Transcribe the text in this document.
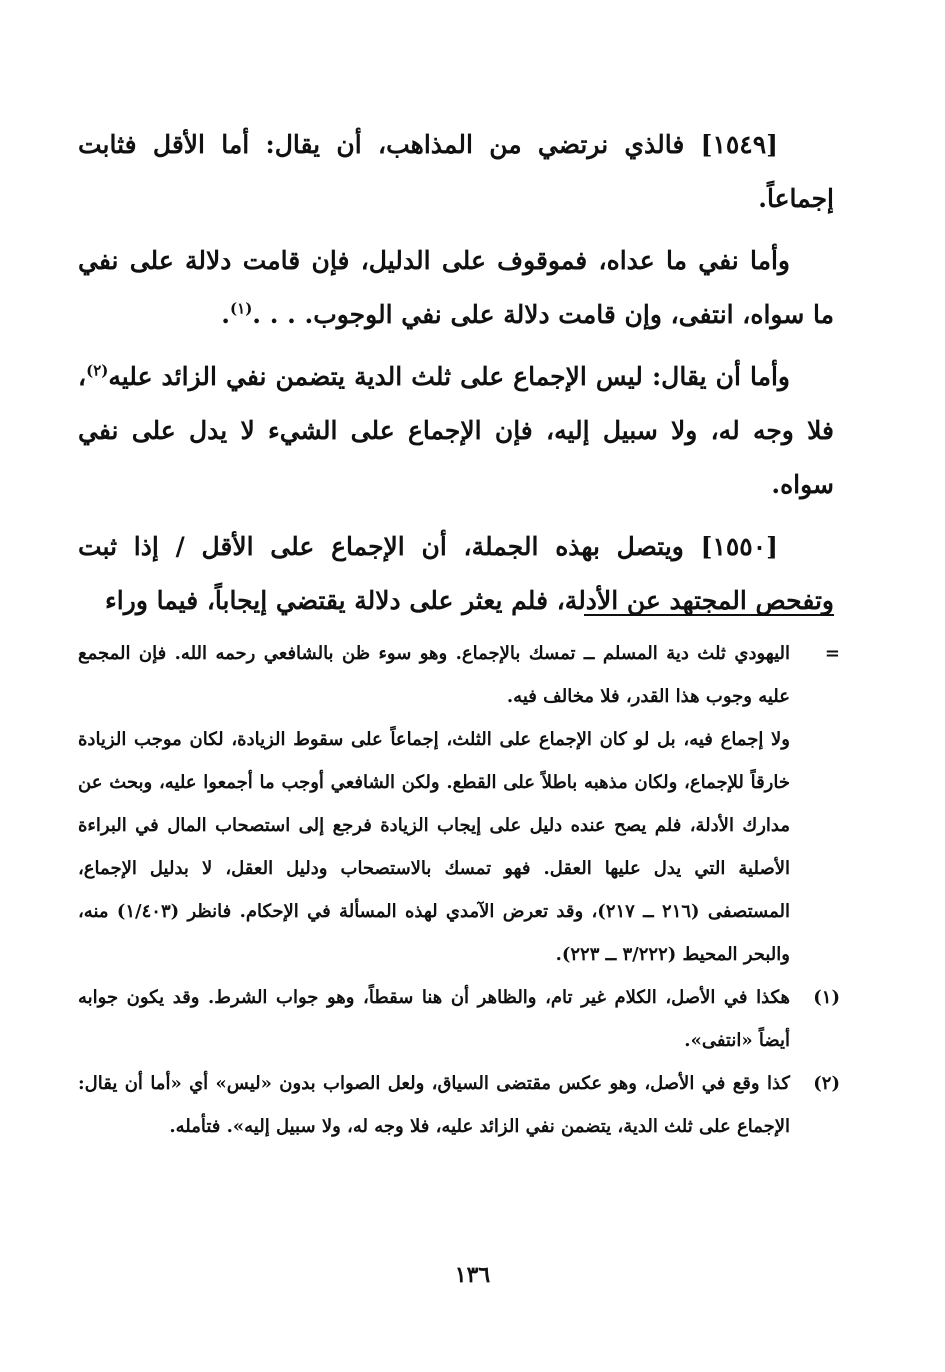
[١٥٤٩] فالذي نرتضي من المذاهب، أن يقال: أما الأقل فثابت إجماعاً.

وأما نفي ما عداه، فموقوف على الدليل، فإن قامت دلالة على نفي ما سواه، انتفى، وإن قامت دلالة على نفي الوجوب. . . .$^{(١)}$.

وأما أن يقال: ليس الإجماع على ثلث الدية يتضمن نفي الزائد عليه$^{(٢)}$، فلا وجه له، ولا سبيل إليه، فإن الإجماع على الشيء لا يدل على نفي سواه.

[١٥٥٠] ويتصل بهذه الجملة، أن الإجماع على الأقل / إذا ثبت وتفحص المجتهد عن الأدلة، فلم يعثر على دلالة يقتضي إيجاباً، فيما وراء

=
اليهودي ثلث دية المسلم ــ تمسك بالإجماع. وهو سوء ظن بالشافعي رحمه الله. فإن المجمع عليه وجوب هذا القدر، فلا مخالف فيه.
ولا إجماع فيه، بل لو كان الإجماع على الثلث، إجماعاً على سقوط الزيادة، لكان موجب الزيادة خارقاً للإجماع، ولكان مذهبه باطلاً على القطع. ولكن الشافعي أوجب ما أجمعوا عليه، وبحث عن مدارك الأدلة، فلم يصح عنده دليل على إيجاب الزيادة فرجع إلى استصحاب المال في البراءة الأصلية التي يدل عليها العقل. فهو تمسك بالاستصحاب ودليل العقل، لا بدليل الإجماع، المستصفى (٢١٦ ــ ٢١٧)، وقد تعرض الآمدي لهذه المسألة في الإحكام. فانظر (١/٤٠٣) منه، والبحر المحيط (٣/٢٢٢ ــ ٢٢٣).
(١)
هكذا في الأصل، الكلام غير تام، والظاهر أن هنا سقطاً، وهو جواب الشرط. وقد يكون جوابه أيضاً «انتفى».
(٢)
كذا وقع في الأصل، وهو عكس مقتضى السياق، ولعل الصواب بدون «ليس» أي «أما أن يقال: الإجماع على ثلث الدية، يتضمن نفي الزائد عليه، فلا وجه له، ولا سبيل إليه». فتأمله.
١٣٦
